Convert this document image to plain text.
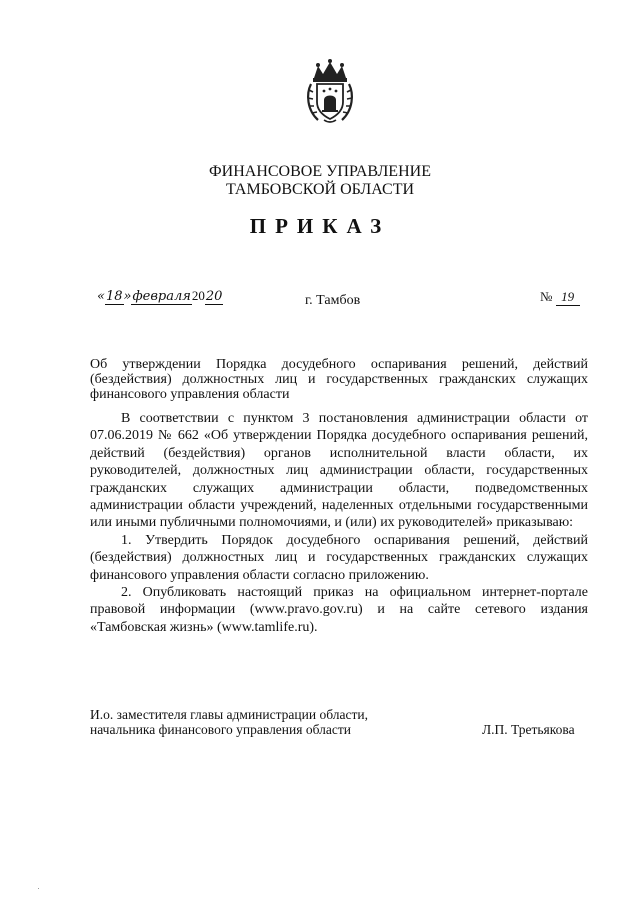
ФИНАНСОВОЕ УПРАВЛЕНИЕ
ТАМБОВСКОЙ ОБЛАСТИ
ПРИКАЗ
«18»февраля2020	г. Тамбов	№ 19
Об утверждении Порядка досудебного оспаривания решений, действий (бездействия) должностных лиц и государственных гражданских служащих финансового управления области

В соответствии с пунктом 3 постановления администрации области от 07.06.2019 № 662 «Об утверждении Порядка досудебного оспаривания решений, действий (бездействия) органов исполнительной власти области, их руководителей, должностных лиц администрации области, государственных гражданских служащих администрации области, подведомственных администрации области учреждений, наделенных отдельными государственными или иными публичными полномочиями, и (или) их руководителей» приказываю:

1. Утвердить Порядок досудебного оспаривания решений, действий (бездействия) должностных лиц и государственных гражданских служащих финансового управления области согласно приложению.

2. Опубликовать настоящий приказ на официальном интернет-портале правовой информации (www.pravo.gov.ru) и на сайте сетевого издания «Тамбовская жизнь» (www.tamlife.ru).

И.о. заместителя главы администрации области,
начальника финансового управления области	Л.П. Третьякова
